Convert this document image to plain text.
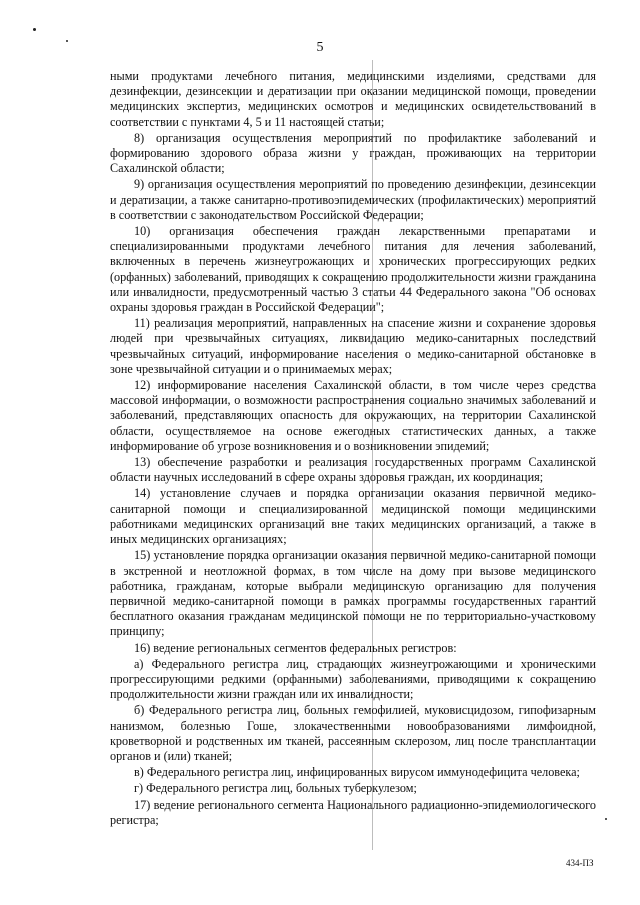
5

ными продуктами лечебного питания, медицинскими изделиями, средствами для дезинфекции, дезинсекции и дератизации при оказании медицинской помощи, проведении медицинских экспертиз, медицинских осмотров и медицинских освидетельствований в соответствии с пунктами 4, 5 и 11 настоящей статьи;

8) организация осуществления мероприятий по профилактике заболеваний и формированию здорового образа жизни у граждан, проживающих на территории Сахалинской области;

9) организация осуществления мероприятий по проведению дезинфекции, дезинсекции и дератизации, а также санитарно-противоэпидемических (профилактических) мероприятий в соответствии с законодательством Российской Федерации;

10) организация обеспечения граждан лекарственными препаратами и специализированными продуктами лечебного питания для лечения заболеваний, включенных в перечень жизнеугрожающих и хронических прогрессирующих редких (орфанных) заболеваний, приводящих к сокращению продолжительности жизни гражданина или инвалидности, предусмотренный частью 3 статьи 44 Федерального закона "Об основах охраны здоровья граждан в Российской Федерации";

11) реализация мероприятий, направленных на спасение жизни и сохранение здоровья людей при чрезвычайных ситуациях, ликвидацию медико-санитарных последствий чрезвычайных ситуаций, информирование населения о медико-санитарной обстановке в зоне чрезвычайной ситуации и о принимаемых мерах;

12) информирование населения Сахалинской области, в том числе через средства массовой информации, о возможности распространения социально значимых заболеваний и заболеваний, представляющих опасность для окружающих, на территории Сахалинской области, осуществляемое на основе ежегодных статистических данных, а также информирование об угрозе возникновения и о возникновении эпидемий;

13) обеспечение разработки и реализация государственных программ Сахалинской области научных исследований в сфере охраны здоровья граждан, их координация;

14) установление случаев и порядка организации оказания первичной медико-санитарной помощи и специализированной медицинской помощи медицинскими работниками медицинских организаций вне таких медицинских организаций, а также в иных медицинских организациях;

15) установление порядка организации оказания первичной медико-санитарной помощи в экстренной и неотложной формах, в том числе на дому при вызове медицинского работника, гражданам, которые выбрали медицинскую организацию для получения первичной медико-санитарной помощи в рамках программы государственных гарантий бесплатного оказания гражданам медицинской помощи не по территориально-участковому принципу;

16) ведение региональных сегментов федеральных регистров:

а) Федерального регистра лиц, страдающих жизнеугрожающими и хроническими прогрессирующими редкими (орфанными) заболеваниями, приводящими к сокращению продолжительности жизни граждан или их инвалидности;

б) Федерального регистра лиц, больных гемофилией, муковисцидозом, гипофизарным нанизмом, болезнью Гоше, злокачественными новообразованиями лимфоидной, кроветворной и родственных им тканей, рассеянным склерозом, лиц после трансплантации органов и (или) тканей;

в) Федерального регистра лиц, инфицированных вирусом иммунодефицита человека;

г) Федерального регистра лиц, больных туберкулезом;

17) ведение регионального сегмента Национального радиационно-эпидемиологического регистра;

434-ПЗ
